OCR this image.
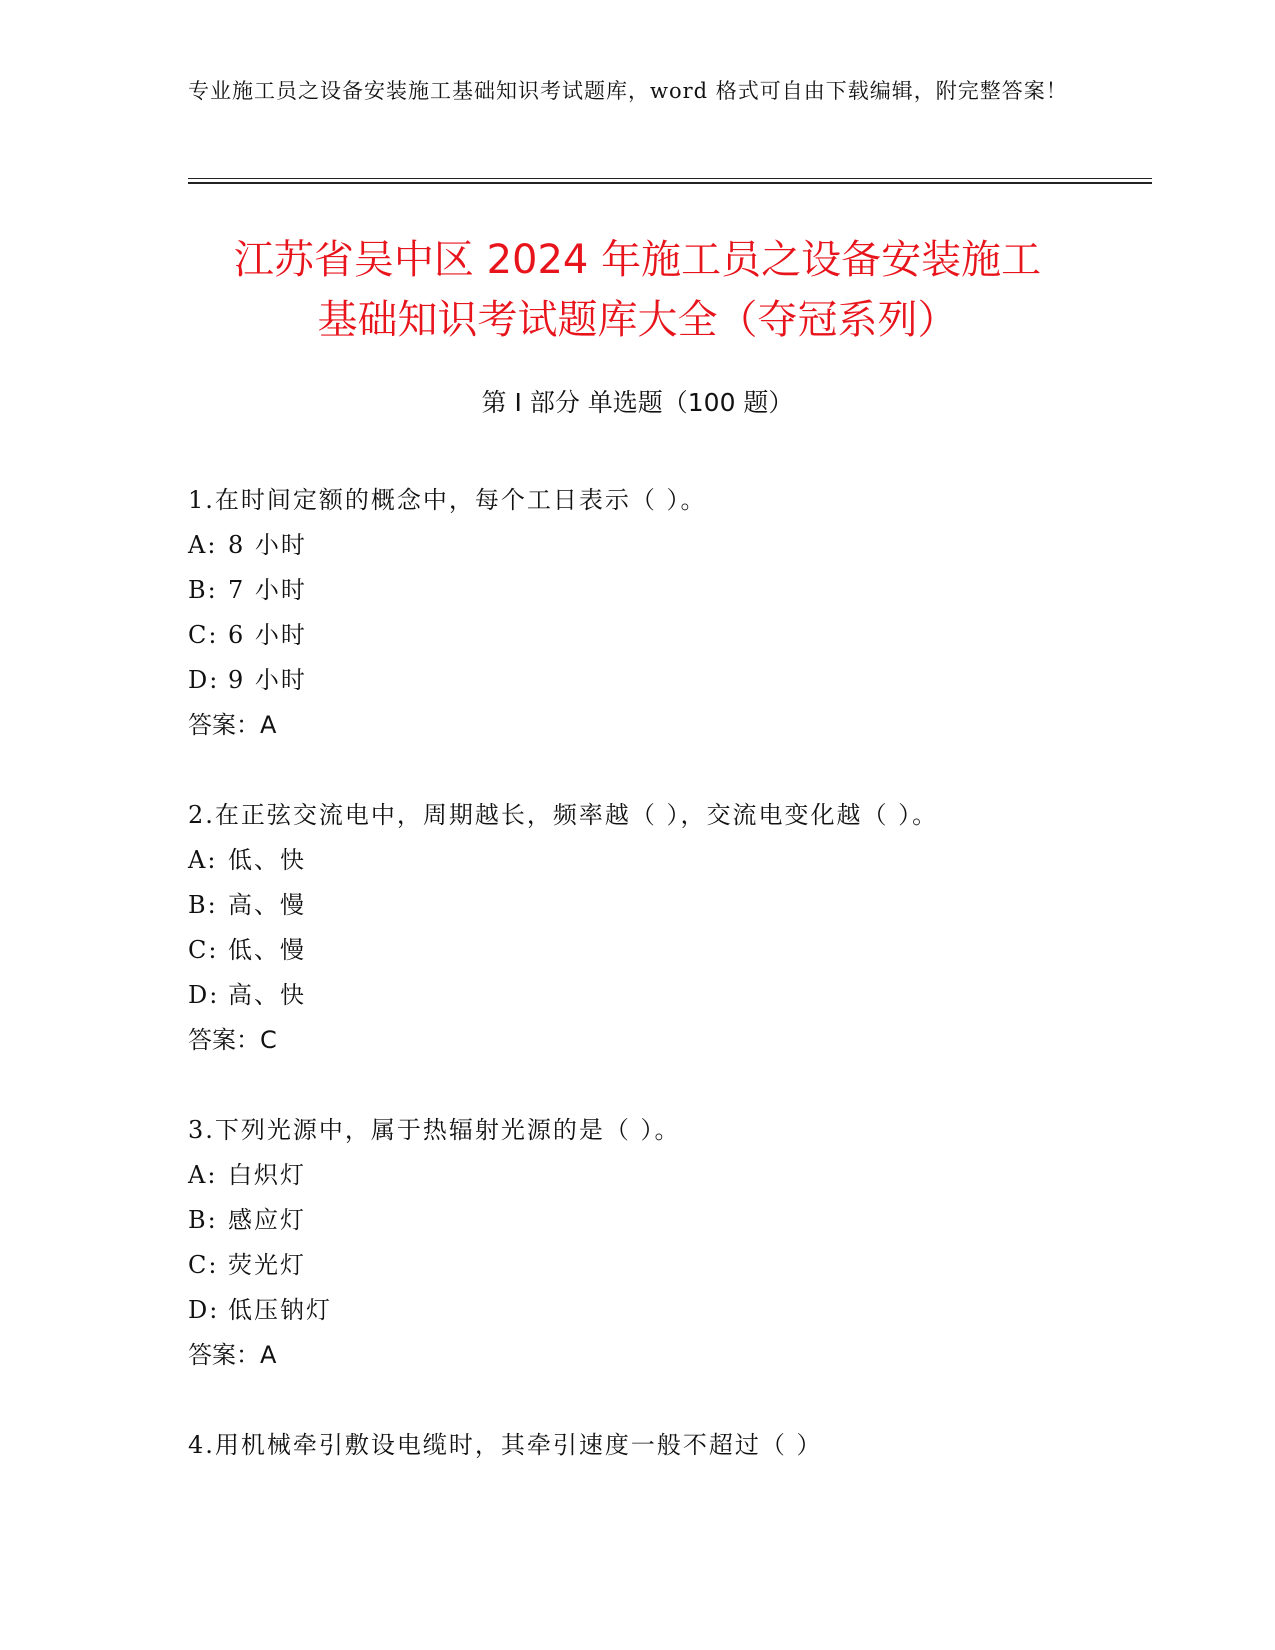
专业施工员之设备安装施工基础知识考试题库，word 格式可自由下载编辑，附完整答案！
江苏省吴中区 2024 年施工员之设备安装施工
基础知识考试题库大全（夺冠系列）
第 I 部分 单选题（100 题）
1.在时间定额的概念中，每个工日表示（ ）。
A: 8 小时
B: 7 小时
C: 6 小时
D: 9 小时
答案：A
2.在正弦交流电中，周期越长，频率越（ ），交流电变化越（ ）。
A: 低、快
B: 高、慢
C: 低、慢
D: 高、快
答案：C
3.下列光源中，属于热辐射光源的是（ ）。
A: 白炽灯
B: 感应灯
C: 荧光灯
D: 低压钠灯
答案：A
4.用机械牵引敷设电缆时，其牵引速度一般不超过（ ）
